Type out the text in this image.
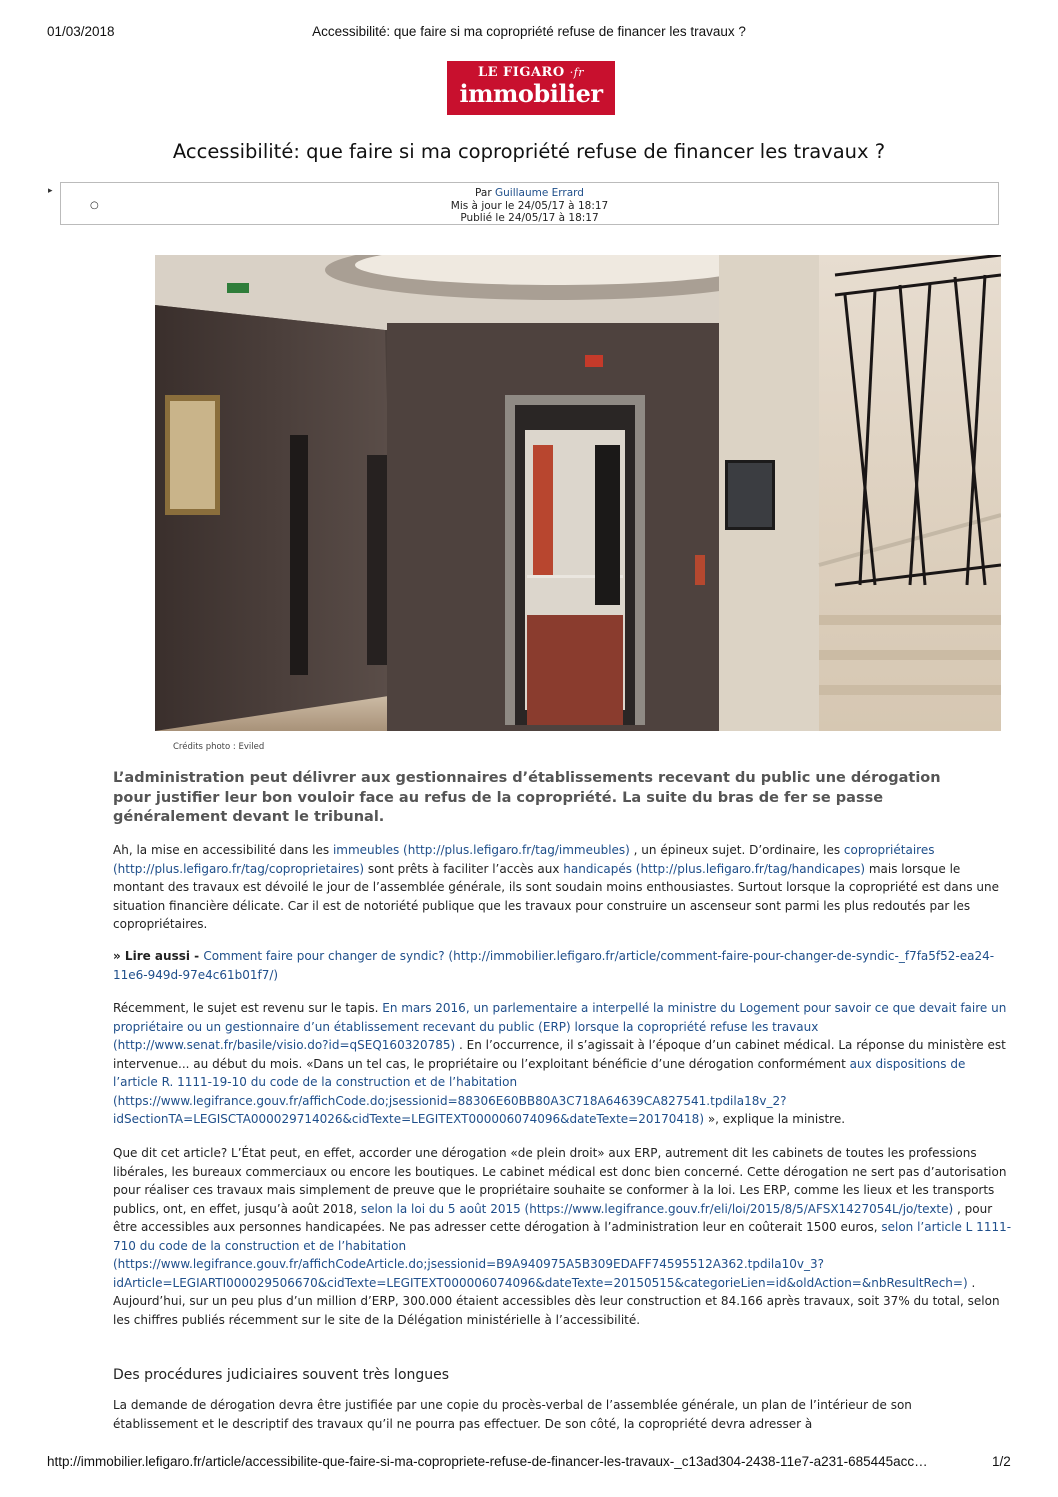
01/03/2018	Accessibilité: que faire si ma copropriété refuse de financer les travaux ?
LE FIGARO ·fr
immobilier
Accessibilité: que faire si ma copropriété refuse de financer les travaux ?
▸
○
Par Guillaume Errard
Mis à jour le 24/05/17 à 18:17
Publié le 24/05/17 à 18:17
Crédits photo : Eviled

L’administration peut délivrer aux gestionnaires d’établissements recevant du public une dérogation pour justifier leur bon vouloir face au refus de la copropriété. La suite du bras de fer se passe généralement devant le tribunal.

Ah, la mise en accessibilité dans les immeubles (http://plus.lefigaro.fr/tag/immeubles) , un épineux sujet. D’ordinaire, les copropriétaires (http://plus.lefigaro.fr/tag/coproprietaires) sont prêts à faciliter l’accès aux handicapés (http://plus.lefigaro.fr/tag/handicapes) mais lorsque le montant des travaux est dévoilé le jour de l’assemblée générale, ils sont soudain moins enthousiastes. Surtout lorsque la copropriété est dans une situation financière délicate. Car il est de notoriété publique que les travaux pour construire un ascenseur sont parmi les plus redoutés par les copropriétaires.

» Lire aussi - Comment faire pour changer de syndic? (http://immobilier.lefigaro.fr/article/comment-faire-pour-changer-de-syndic-_f7fa5f52-ea24-11e6-949d-97e4c61b01f7/)

Récemment, le sujet est revenu sur le tapis. En mars 2016, un parlementaire a interpellé la ministre du Logement pour savoir ce que devait faire un propriétaire ou un gestionnaire d’un établissement recevant du public (ERP) lorsque la copropriété refuse les travaux (http://www.senat.fr/basile/visio.do?id=qSEQ160320785) . En l’occurrence, il s’agissait à l’époque d’un cabinet médical. La réponse du ministère est intervenue... au début du mois. «Dans un tel cas, le propriétaire ou l’exploitant bénéficie d’une dérogation conformément aux dispositions de l’article R. 1111-19-10 du code de la construction et de l’habitation (https://www.legifrance.gouv.fr/affichCode.do;jsessionid=88306E60BB80A3C718A64639CA827541.tpdila18v_2?idSectionTA=LEGISCTA000029714026&cidTexte=LEGITEXT000006074096&dateTexte=20170418) », explique la ministre.

Que dit cet article? L’État peut, en effet, accorder une dérogation «de plein droit» aux ERP, autrement dit les cabinets de toutes les professions libérales, les bureaux commerciaux ou encore les boutiques. Le cabinet médical est donc bien concerné. Cette dérogation ne sert pas d’autorisation pour réaliser ces travaux mais simplement de preuve que le propriétaire souhaite se conformer à la loi. Les ERP, comme les lieux et les transports publics, ont, en effet, jusqu’à août 2018, selon la loi du 5 août 2015 (https://www.legifrance.gouv.fr/eli/loi/2015/8/5/AFSX1427054L/jo/texte) , pour être accessibles aux personnes handicapées. Ne pas adresser cette dérogation à l’administration leur en coûterait 1500 euros, selon l’article L 1111-710 du code de la construction et de l’habitation (https://www.legifrance.gouv.fr/affichCodeArticle.do;jsessionid=B9A940975A5B309EDAFF74595512A362.tpdila10v_3?idArticle=LEGIARTI000029506670&cidTexte=LEGITEXT000006074096&dateTexte=20150515&categorieLien=id&oldAction=&nbResultRech=) . Aujourd’hui, sur un peu plus d’un million d’ERP, 300.000 étaient accessibles dès leur construction et 84.166 après travaux, soit 37% du total, selon les chiffres publiés récemment sur le site de la Délégation ministérielle à l’accessibilité.

Des procédures judiciaires souvent très longues

La demande de dérogation devra être justifiée par une copie du procès-verbal de l’assemblée générale, un plan de l’intérieur de son établissement et le descriptif des travaux qu’il ne pourra pas effectuer. De son côté, la copropriété devra adresser à

http://immobilier.lefigaro.fr/article/accessibilite-que-faire-si-ma-copropriete-refuse-de-financer-les-travaux-_c13ad304-2438-11e7-a231-685445acc…	1/2
